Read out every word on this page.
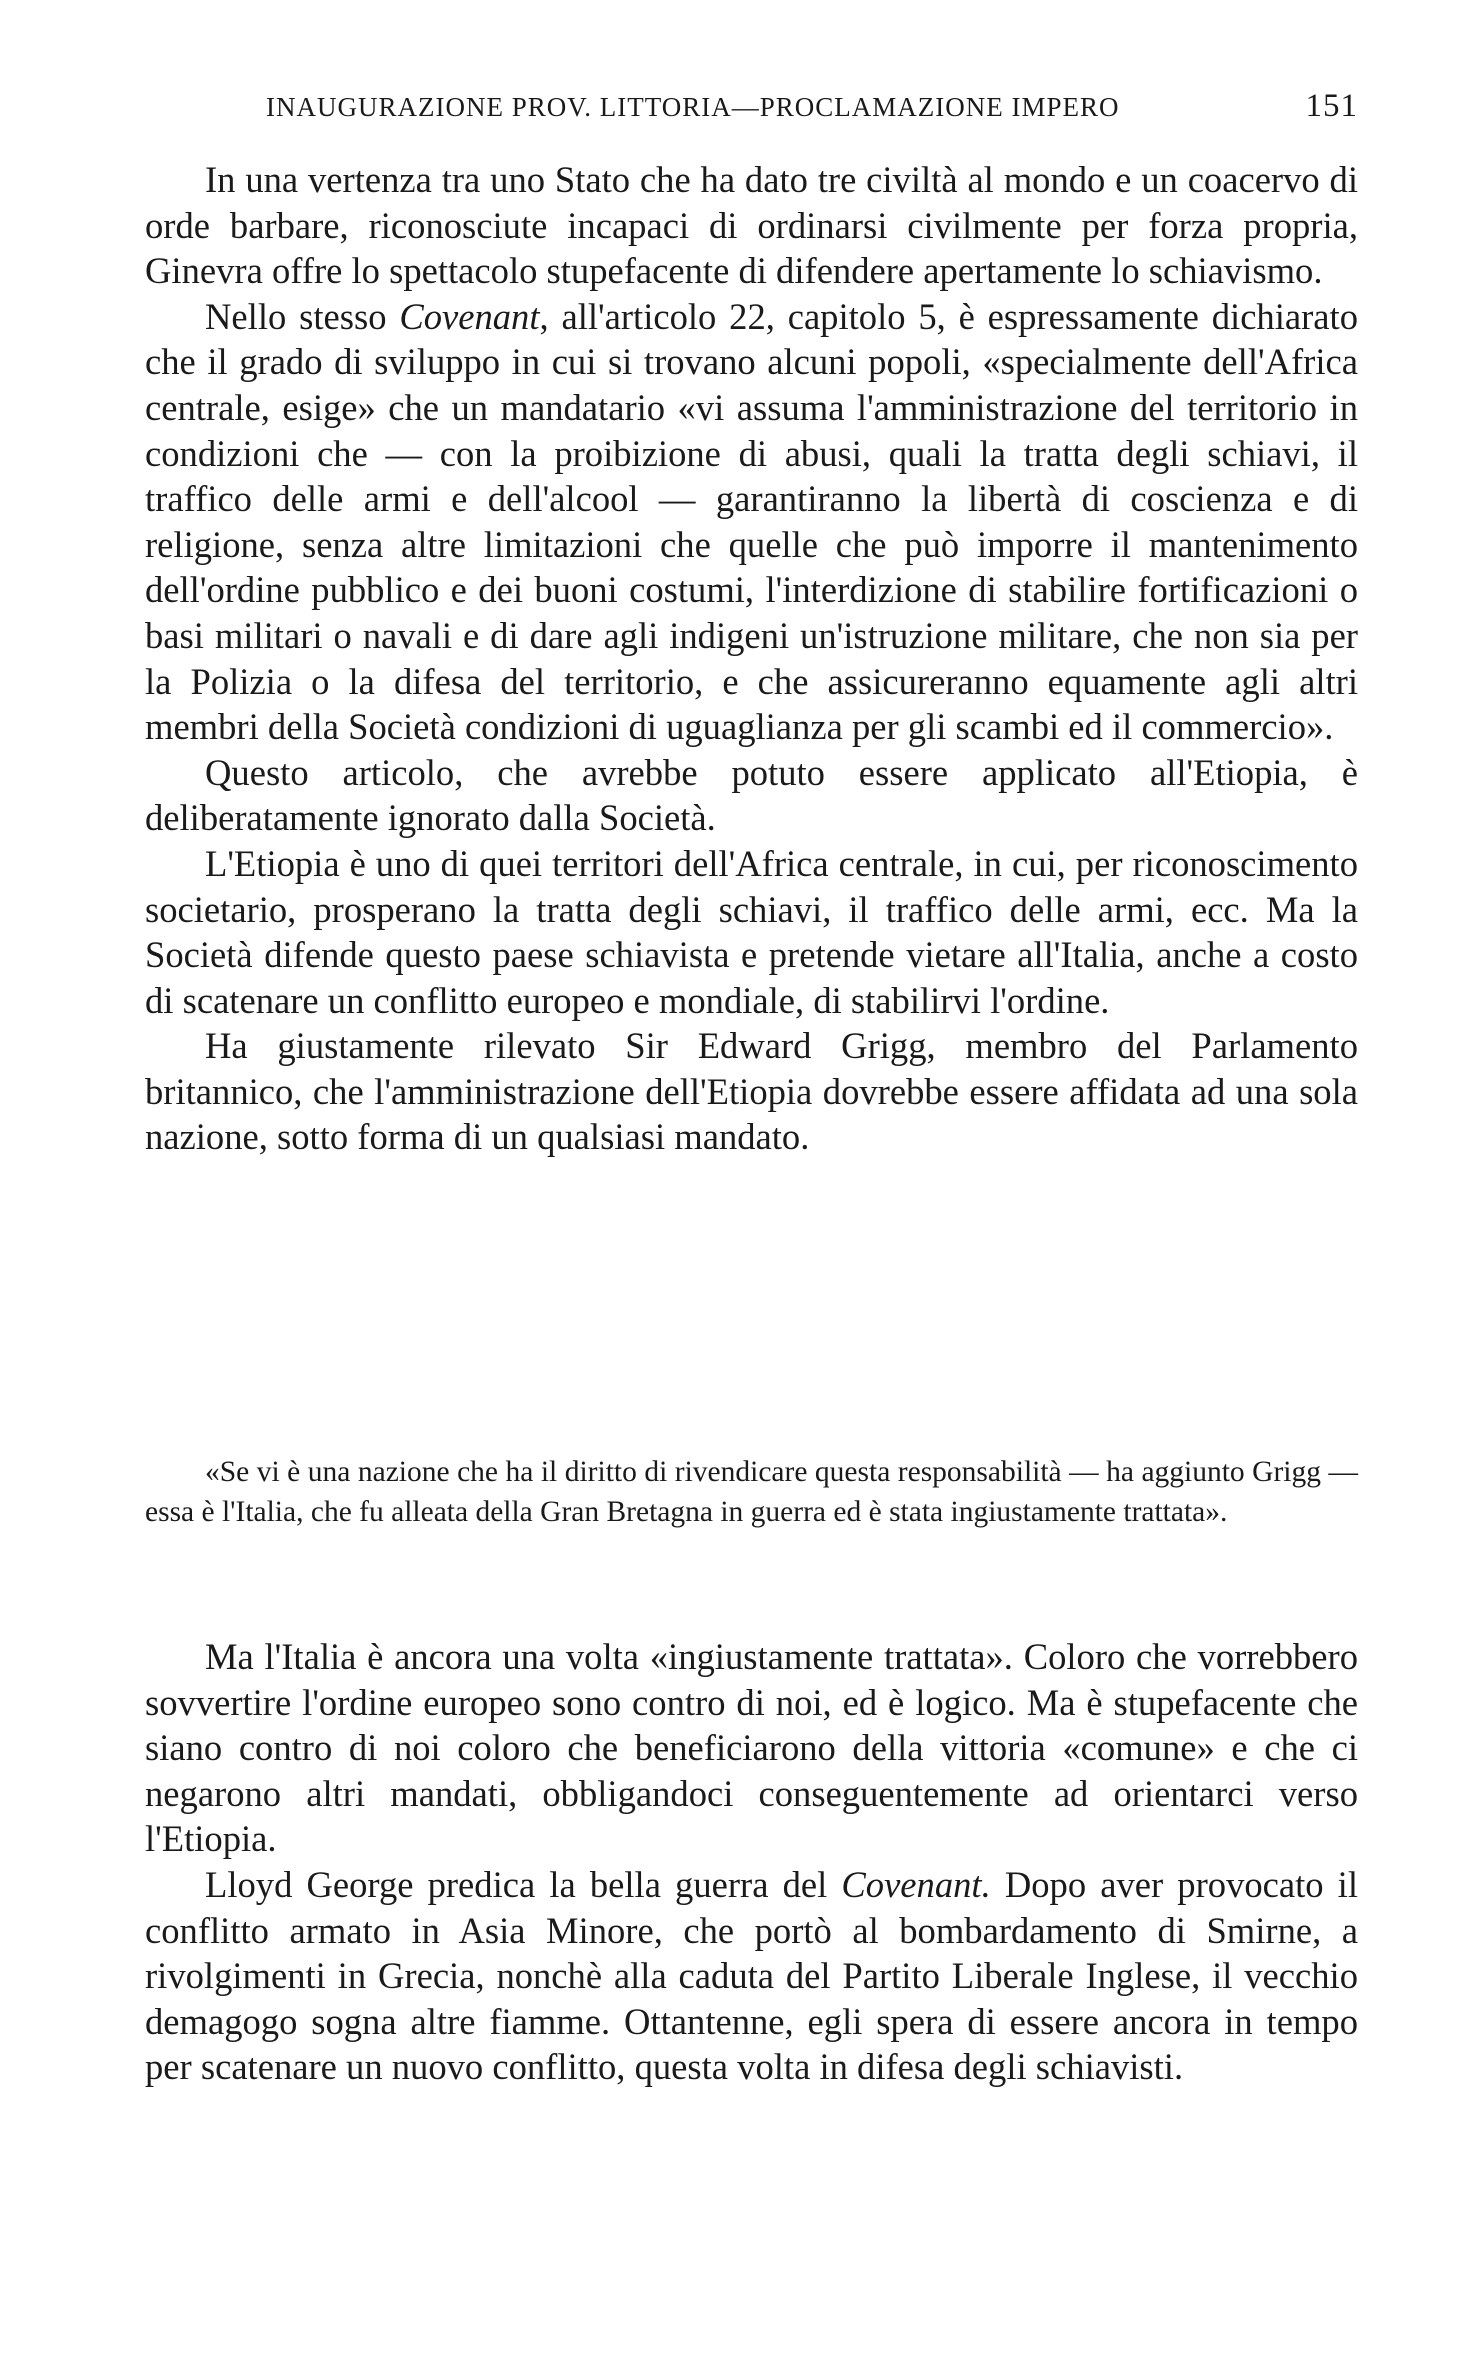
INAUGURAZIONE PROV. LITTORIA—PROCLAMAZIONE IMPERO	151

In una vertenza tra uno Stato che ha dato tre civiltà al mondo e un coacervo di orde barbare, riconosciute incapaci di ordinarsi civilmente per forza propria, Ginevra offre lo spettacolo stupefacente di difendere apertamente lo schiavismo.

Nello stesso Covenant, all'articolo 22, capitolo 5, è espressamente dichiarato che il grado di sviluppo in cui si trovano alcuni popoli, «specialmente dell'Africa centrale, esige» che un mandatario «vi assuma l'amministrazione del territorio in condizioni che — con la proibizione di abusi, quali la tratta degli schiavi, il traffico delle armi e dell'alcool — garantiranno la libertà di coscienza e di religione, senza altre limitazioni che quelle che può imporre il mantenimento dell'ordine pubblico e dei buoni costumi, l'interdizione di stabilire fortificazioni o basi militari o navali e di dare agli indigeni un'istruzione militare, che non sia per la Polizia o la difesa del territorio, e che assicureranno equamente agli altri membri della Società condizioni di uguaglianza per gli scambi ed il commercio».

Questo articolo, che avrebbe potuto essere applicato all'Etiopia, è deliberatamente ignorato dalla Società.

L'Etiopia è uno di quei territori dell'Africa centrale, in cui, per riconoscimento societario, prosperano la tratta degli schiavi, il traffico delle armi, ecc. Ma la Società difende questo paese schiavista e pretende vietare all'Italia, anche a costo di scatenare un conflitto europeo e mondiale, di stabilirvi l'ordine.

Ha giustamente rilevato Sir Edward Grigg, membro del Parlamento britannico, che l'amministrazione dell'Etiopia dovrebbe essere affidata ad una sola nazione, sotto forma di un qualsiasi mandato.

«Se vi è una nazione che ha il diritto di rivendicare questa responsabilità — ha aggiunto Grigg — essa è l'Italia, che fu alleata della Gran Bretagna in guerra ed è stata ingiustamente trattata».

Ma l'Italia è ancora una volta «ingiustamente trattata». Coloro che vorrebbero sovvertire l'ordine europeo sono contro di noi, ed è logico. Ma è stupefacente che siano contro di noi coloro che beneficiarono della vittoria «comune» e che ci negarono altri mandati, obbligandoci conseguentemente ad orientarci verso l'Etiopia.

Lloyd George predica la bella guerra del Covenant. Dopo aver provocato il conflitto armato in Asia Minore, che portò al bombardamento di Smirne, a rivolgimenti in Grecia, nonchè alla caduta del Partito Liberale Inglese, il vecchio demagogo sogna altre fiamme. Ottantenne, egli spera di essere ancora in tempo per scatenare un nuovo conflitto, questa volta in difesa degli schiavisti.
